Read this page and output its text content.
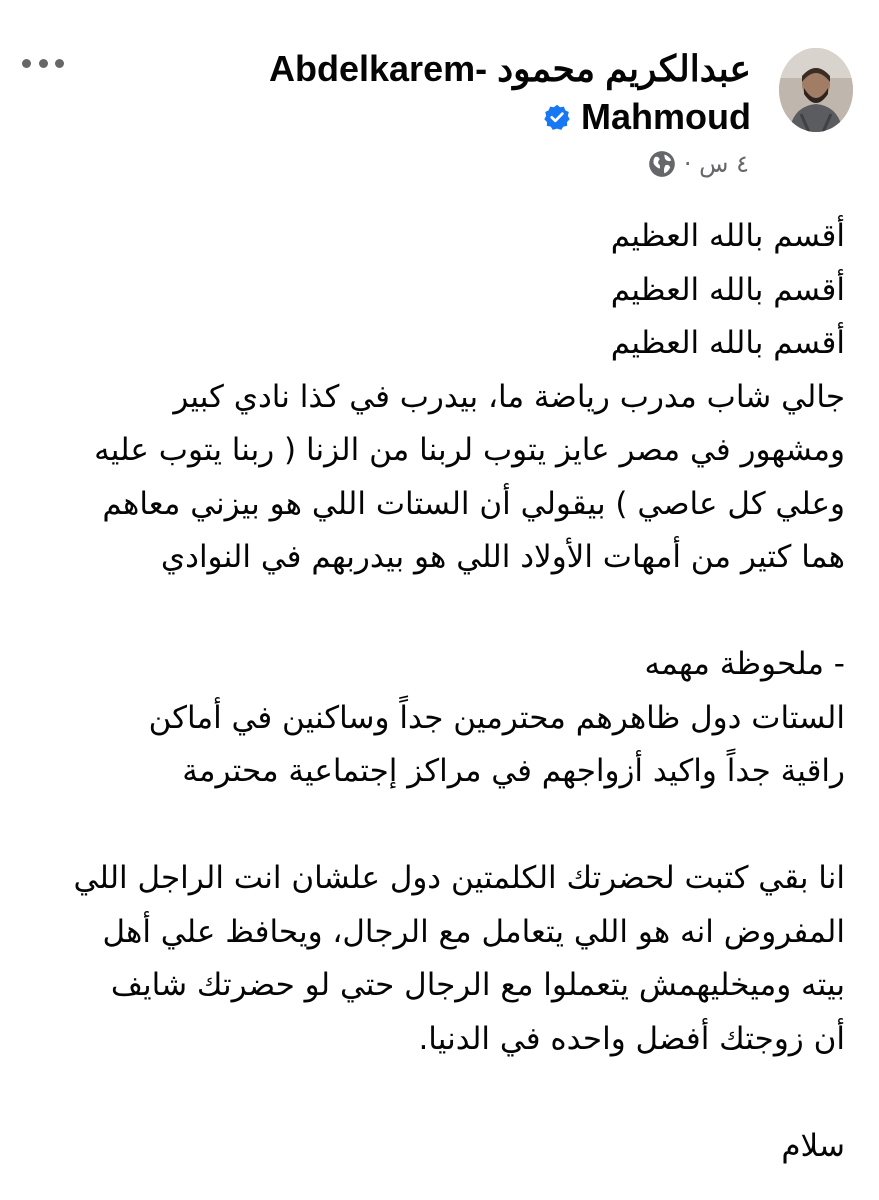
عبدالكريم محمود -Abdelkarem
Mahmoud
٤ س ·
أقسم بالله العظيم
أقسم بالله العظيم
أقسم بالله العظيم
جالي شاب مدرب رياضة ما، بيدرب في كذا نادي كبير
ومشهور في مصر عايز يتوب لربنا من الزنا ( ربنا يتوب عليه
وعلي كل عاصي ) بيقولي أن الستات اللي هو بيزني معاهم
هما كتير من أمهات الأولاد اللي هو بيدربهم في النوادي
- ملحوظة مهمه
الستات دول ظاهرهم محترمين جداً وساكنين في أماكن
راقية جداً واكيد أزواجهم في مراكز إجتماعية محترمة
انا بقي كتبت لحضرتك الكلمتين دول علشان انت الراجل اللي
المفروض انه هو اللي يتعامل مع الرجال، ويحافظ علي أهل
بيته وميخليهمش يتعملوا مع الرجال حتي لو حضرتك شايف
أن زوجتك أفضل واحده في الدنيا.
سلام
